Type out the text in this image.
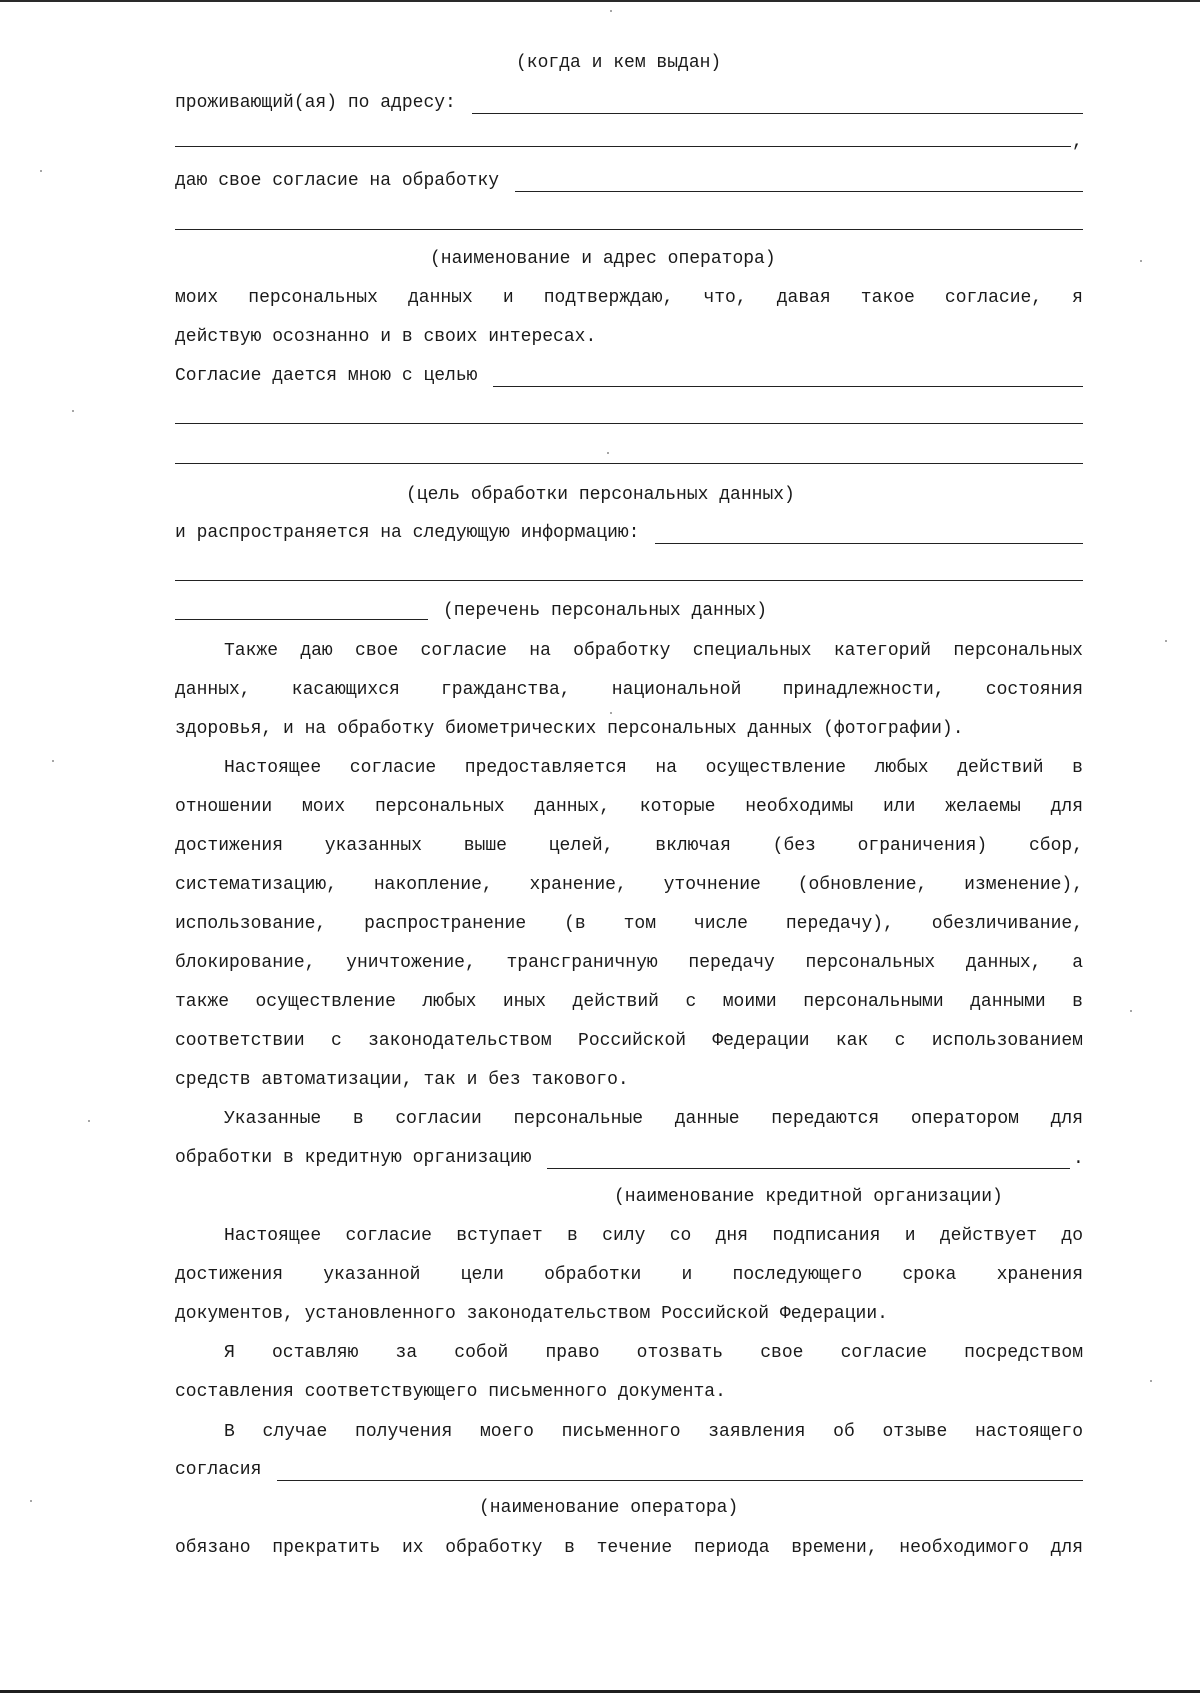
(когда и кем выдан)
проживающий(ая) по адресу:
,
даю свое согласие на обработку
(наименование и адрес оператора)
моих персональных данных и подтверждаю, что, давая такое согласие, я
действую осознанно и в своих интересах.
Согласие дается мною с целью
(цель обработки персональных данных)
и распространяется на следующую информацию:
(перечень персональных данных)
Также даю свое согласие на обработку специальных категорий персональных
данных, касающихся гражданства, национальной принадлежности, состояния
здоровья, и на обработку биометрических персональных данных (фотографии).
Настоящее согласие предоставляется на осуществление любых действий в
отношении моих персональных данных, которые необходимы или желаемы для
достижения указанных выше целей, включая (без ограничения) сбор,
систематизацию, накопление, хранение, уточнение (обновление, изменение),
использование, распространение (в том числе передачу), обезличивание,
блокирование, уничтожение, трансграничную передачу персональных данных, а
также осуществление любых иных действий с моими персональными данными в
соответствии с законодательством Российской Федерации как с использованием
средств автоматизации, так и без такового.
Указанные в согласии персональные данные передаются оператором для
обработки в кредитную организацию	.
(наименование кредитной организации)
Настоящее согласие вступает в силу со дня подписания и действует до
достижения указанной цели обработки и последующего срока хранения
документов, установленного законодательством Российской Федерации.
Я оставляю за собой право отозвать свое согласие посредством
составления соответствующего письменного документа.
В случае получения моего письменного заявления об отзыве настоящего
согласия
(наименование оператора)
обязано прекратить их обработку в течение периода времени, необходимого для
